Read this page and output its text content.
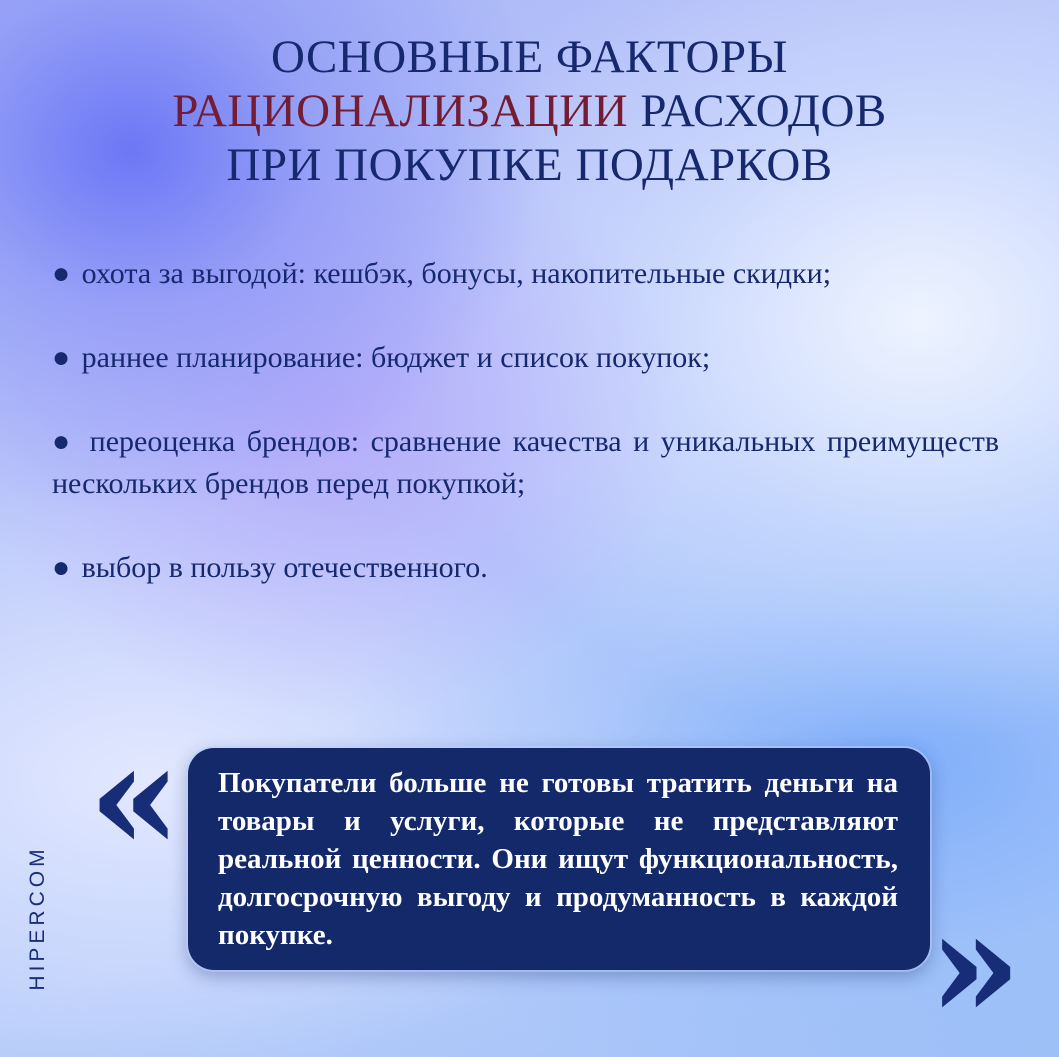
ОСНОВНЫЕ ФАКТОРЫ
РАЦИОНАЛИЗАЦИИ РАСХОДОВ
ПРИ ПОКУПКЕ ПОДАРКОВ
● охота за выгодой: кешбэк, бонусы, накопительные скидки;
● раннее планирование: бюджет и список покупок;
● переоценка брендов: сравнение качества и уникальных преимуществ нескольких брендов перед покупкой;
● выбор в пользу отечественного.
« Покупатели больше не готовы тратить деньги на товары и услуги, которые не представляют реальной ценности. Они ищут функциональность, долгосрочную выгоду и продуманность в каждой покупке.	»
HIPERCOM
